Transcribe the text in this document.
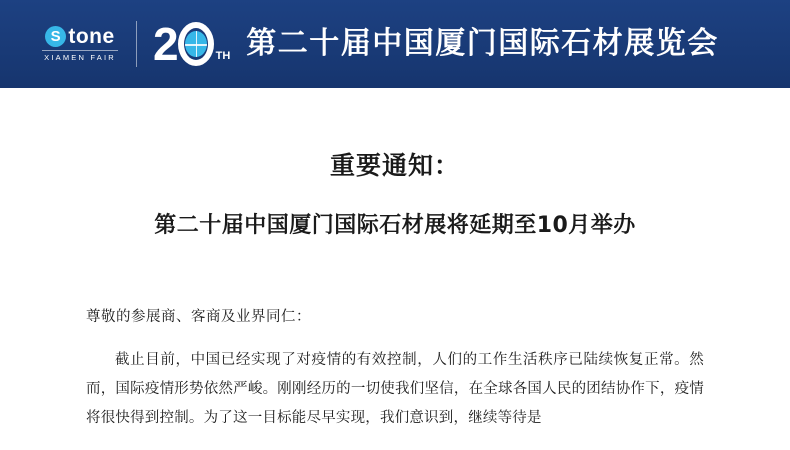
S tone
XIAMEN FAIR 2	TH 第二十届中国厦门国际石材展览会
重要通知：
第二十届中国厦门国际石材展将延期至10月举办
尊敬的参展商、客商及业界同仁：
截止目前，中国已经实现了对疫情的有效控制，人们的工作生活秩序已陆续恢复正常。然而，国际疫情形势依然严峻。刚刚经历的一切使我们坚信，在全球各国人民的团结协作下，疫情将很快得到控制。为了这一目标能尽早实现，我们意识到，继续等待是
